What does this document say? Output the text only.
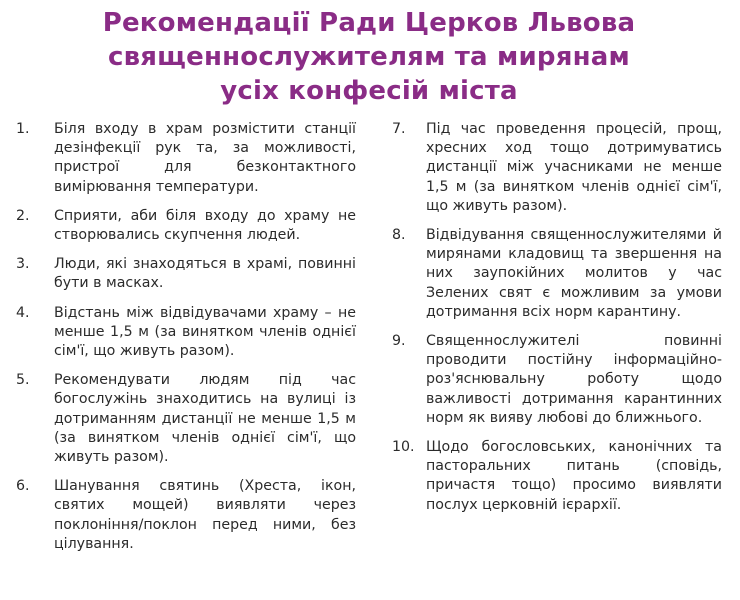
Рекомендації Ради Церков Львова
священнослужителям та мирянам
усіх конфесій міста
1.	Біля входу в храм розмістити станції дезінфекції рук та, за можливості, пристрої для безконтактного вимірювання температури.
2.	Сприяти, аби біля входу до храму не створювались скупчення людей.
3.	Люди, які знаходяться в храмі, повинні бути в масках.
4.	Відстань між відвідувачами храму – не менше 1,5 м (за винятком членів однієї сім'ї, що живуть разом).
5.	Рекомендувати людям під час богослужінь знаходитись на вулиці із дотриманням дистанції не менше 1,5 м (за винятком членів однієї сім'ї, що живуть разом).
6.	Шанування святинь (Хреста, ікон, святих мощей) виявляти через поклоніння/поклон перед ними, без цілування.
7.	Під час проведення процесій, прощ, хресних ход тощо дотримуватись дистанції між учасниками не менше 1,5 м (за винятком членів однієї сім'ї, що живуть разом).
8.	Відвідування священнослужителями й мирянами кладовищ та звершення на них заупокійних молитов у час Зелених свят є можливим за умови дотримання всіх норм карантину.
9.	Священнослужителі повинні проводити постійну інформаційно-роз'яснювальну роботу щодо важливості дотримання карантинних норм як вияву любові до ближнього.
10. Щодо богословських, канонічних та пасторальних питань (сповідь, причастя тощо) просимо виявляти послух церковній ієрархії.
